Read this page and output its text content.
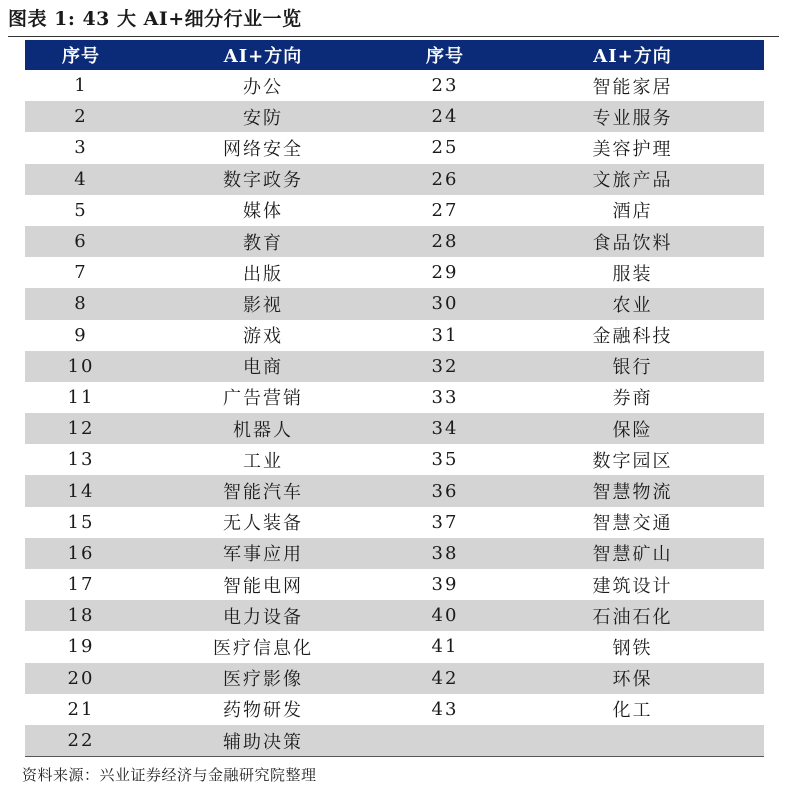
图表 1: 43 大 AI+细分行业一览
序号	AI+方向	序号	AI+方向
1	办公	23	智能家居
2	安防	24	专业服务
3	网络安全	25	美容护理
4	数字政务	26	文旅产品
5	媒体	27	酒店
6	教育	28	食品饮料
7	出版	29	服装
8	影视	30	农业
9	游戏	31	金融科技
10	电商	32	银行
11	广告营销	33	券商
12	机器人	34	保险
13	工业	35	数字园区
14	智能汽车	36	智慧物流
15	无人装备	37	智慧交通
16	军事应用	38	智慧矿山
17	智能电网	39	建筑设计
18	电力设备	40	石油石化
19	医疗信息化	41	钢铁
20	医疗影像	42	环保
21	药物研发	43	化工
22	辅助决策		
资料来源：兴业证券经济与金融研究院整理
